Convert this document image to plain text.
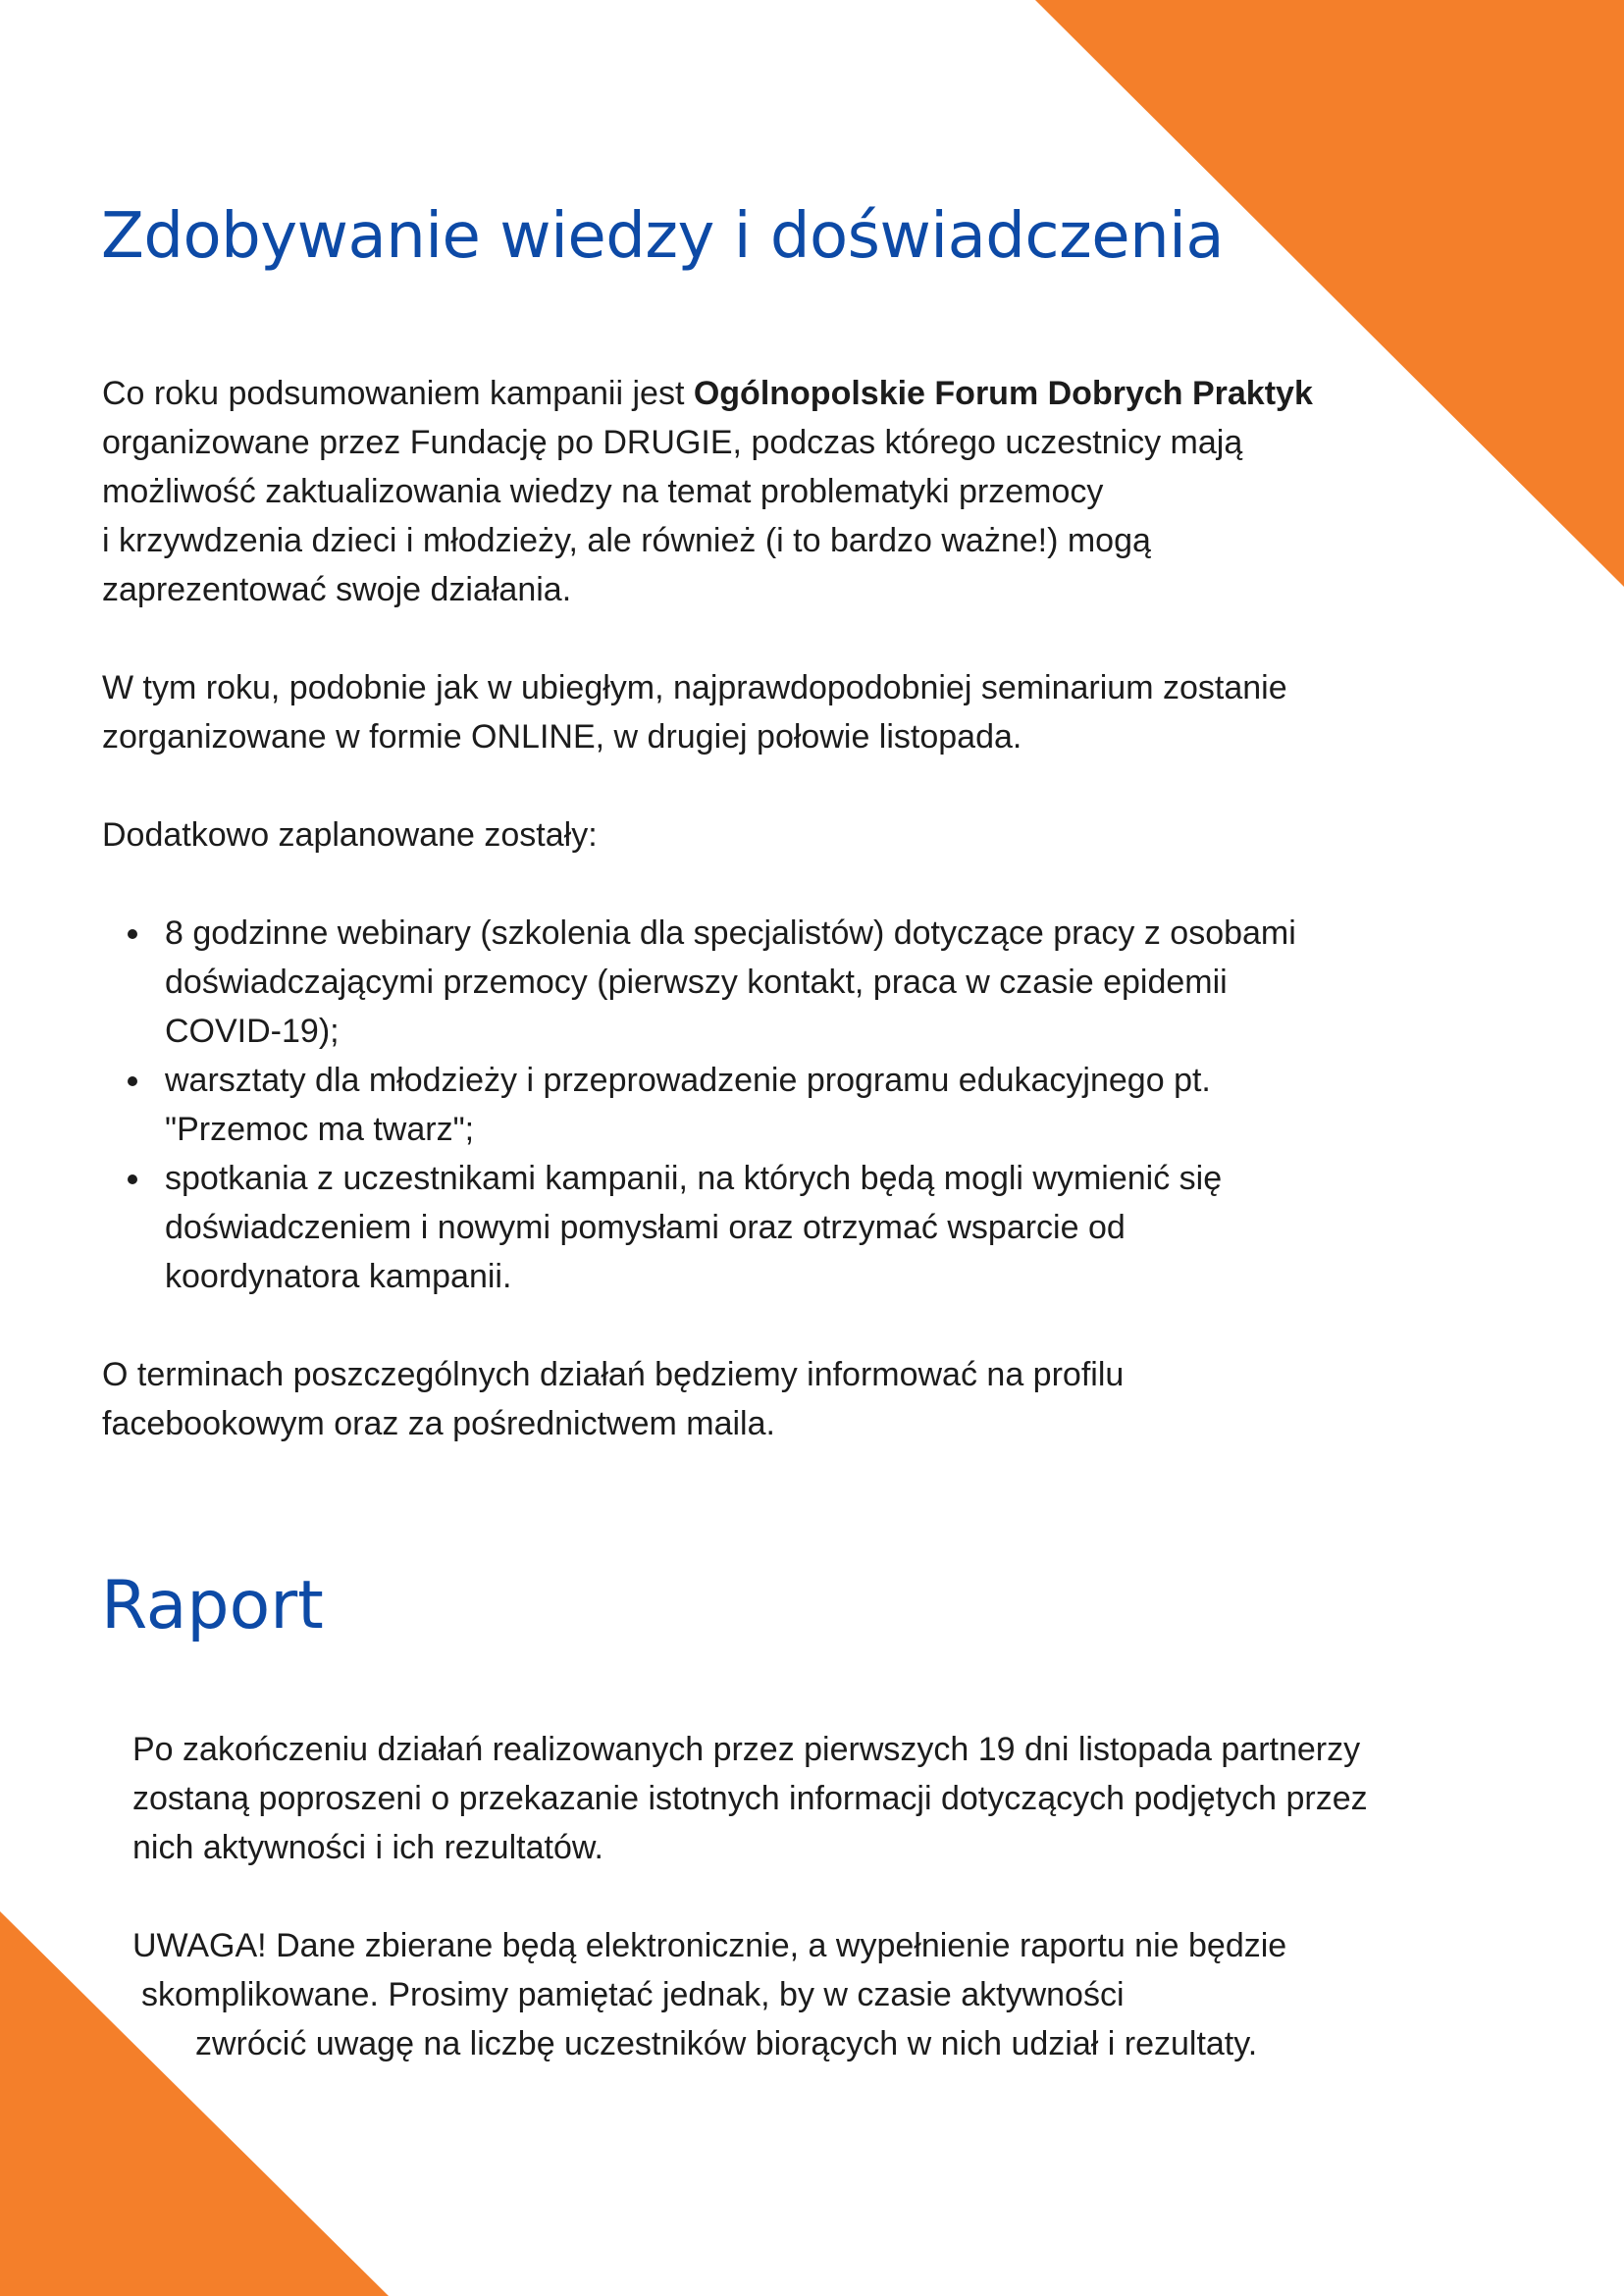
Zdobywanie wiedzy i doświadczenia

Co roku podsumowaniem kampanii jest Ogólnopolskie Forum Dobrych Praktyk
organizowane przez Fundację po DRUGIE, podczas którego uczestnicy mają
możliwość zaktualizowania wiedzy na temat problematyki przemocy
i krzywdzenia dzieci i młodzieży, ale również (i to bardzo ważne!) mogą
zaprezentować swoje działania.

W tym roku, podobnie jak w ubiegłym, najprawdopodobniej seminarium zostanie
zorganizowane w formie ONLINE, w drugiej połowie listopada.

Dodatkowo zaplanowane zostały:

8 godzinne webinary (szkolenia dla specjalistów) dotyczące pracy z osobami
doświadczającymi przemocy (pierwszy kontakt, praca w czasie epidemii
COVID-19);
warsztaty dla młodzieży i przeprowadzenie programu edukacyjnego pt.
"Przemoc ma twarz";
spotkania z uczestnikami kampanii, na których będą mogli wymienić się
doświadczeniem i nowymi pomysłami oraz otrzymać wsparcie od
koordynatora kampanii.

O terminach poszczególnych działań będziemy informować na profilu
facebookowym oraz za pośrednictwem maila.

Raport

Po zakończeniu działań realizowanych przez pierwszych 19 dni listopada partnerzy
zostaną poproszeni o przekazanie istotnych informacji dotyczących podjętych przez
nich aktywności i ich rezultatów.

UWAGA! Dane zbierane będą elektronicznie, a wypełnienie raportu nie będzie
skomplikowane. Prosimy pamiętać jednak, by w czasie aktywności
zwrócić uwagę na liczbę uczestników biorących w nich udział i rezultaty.
